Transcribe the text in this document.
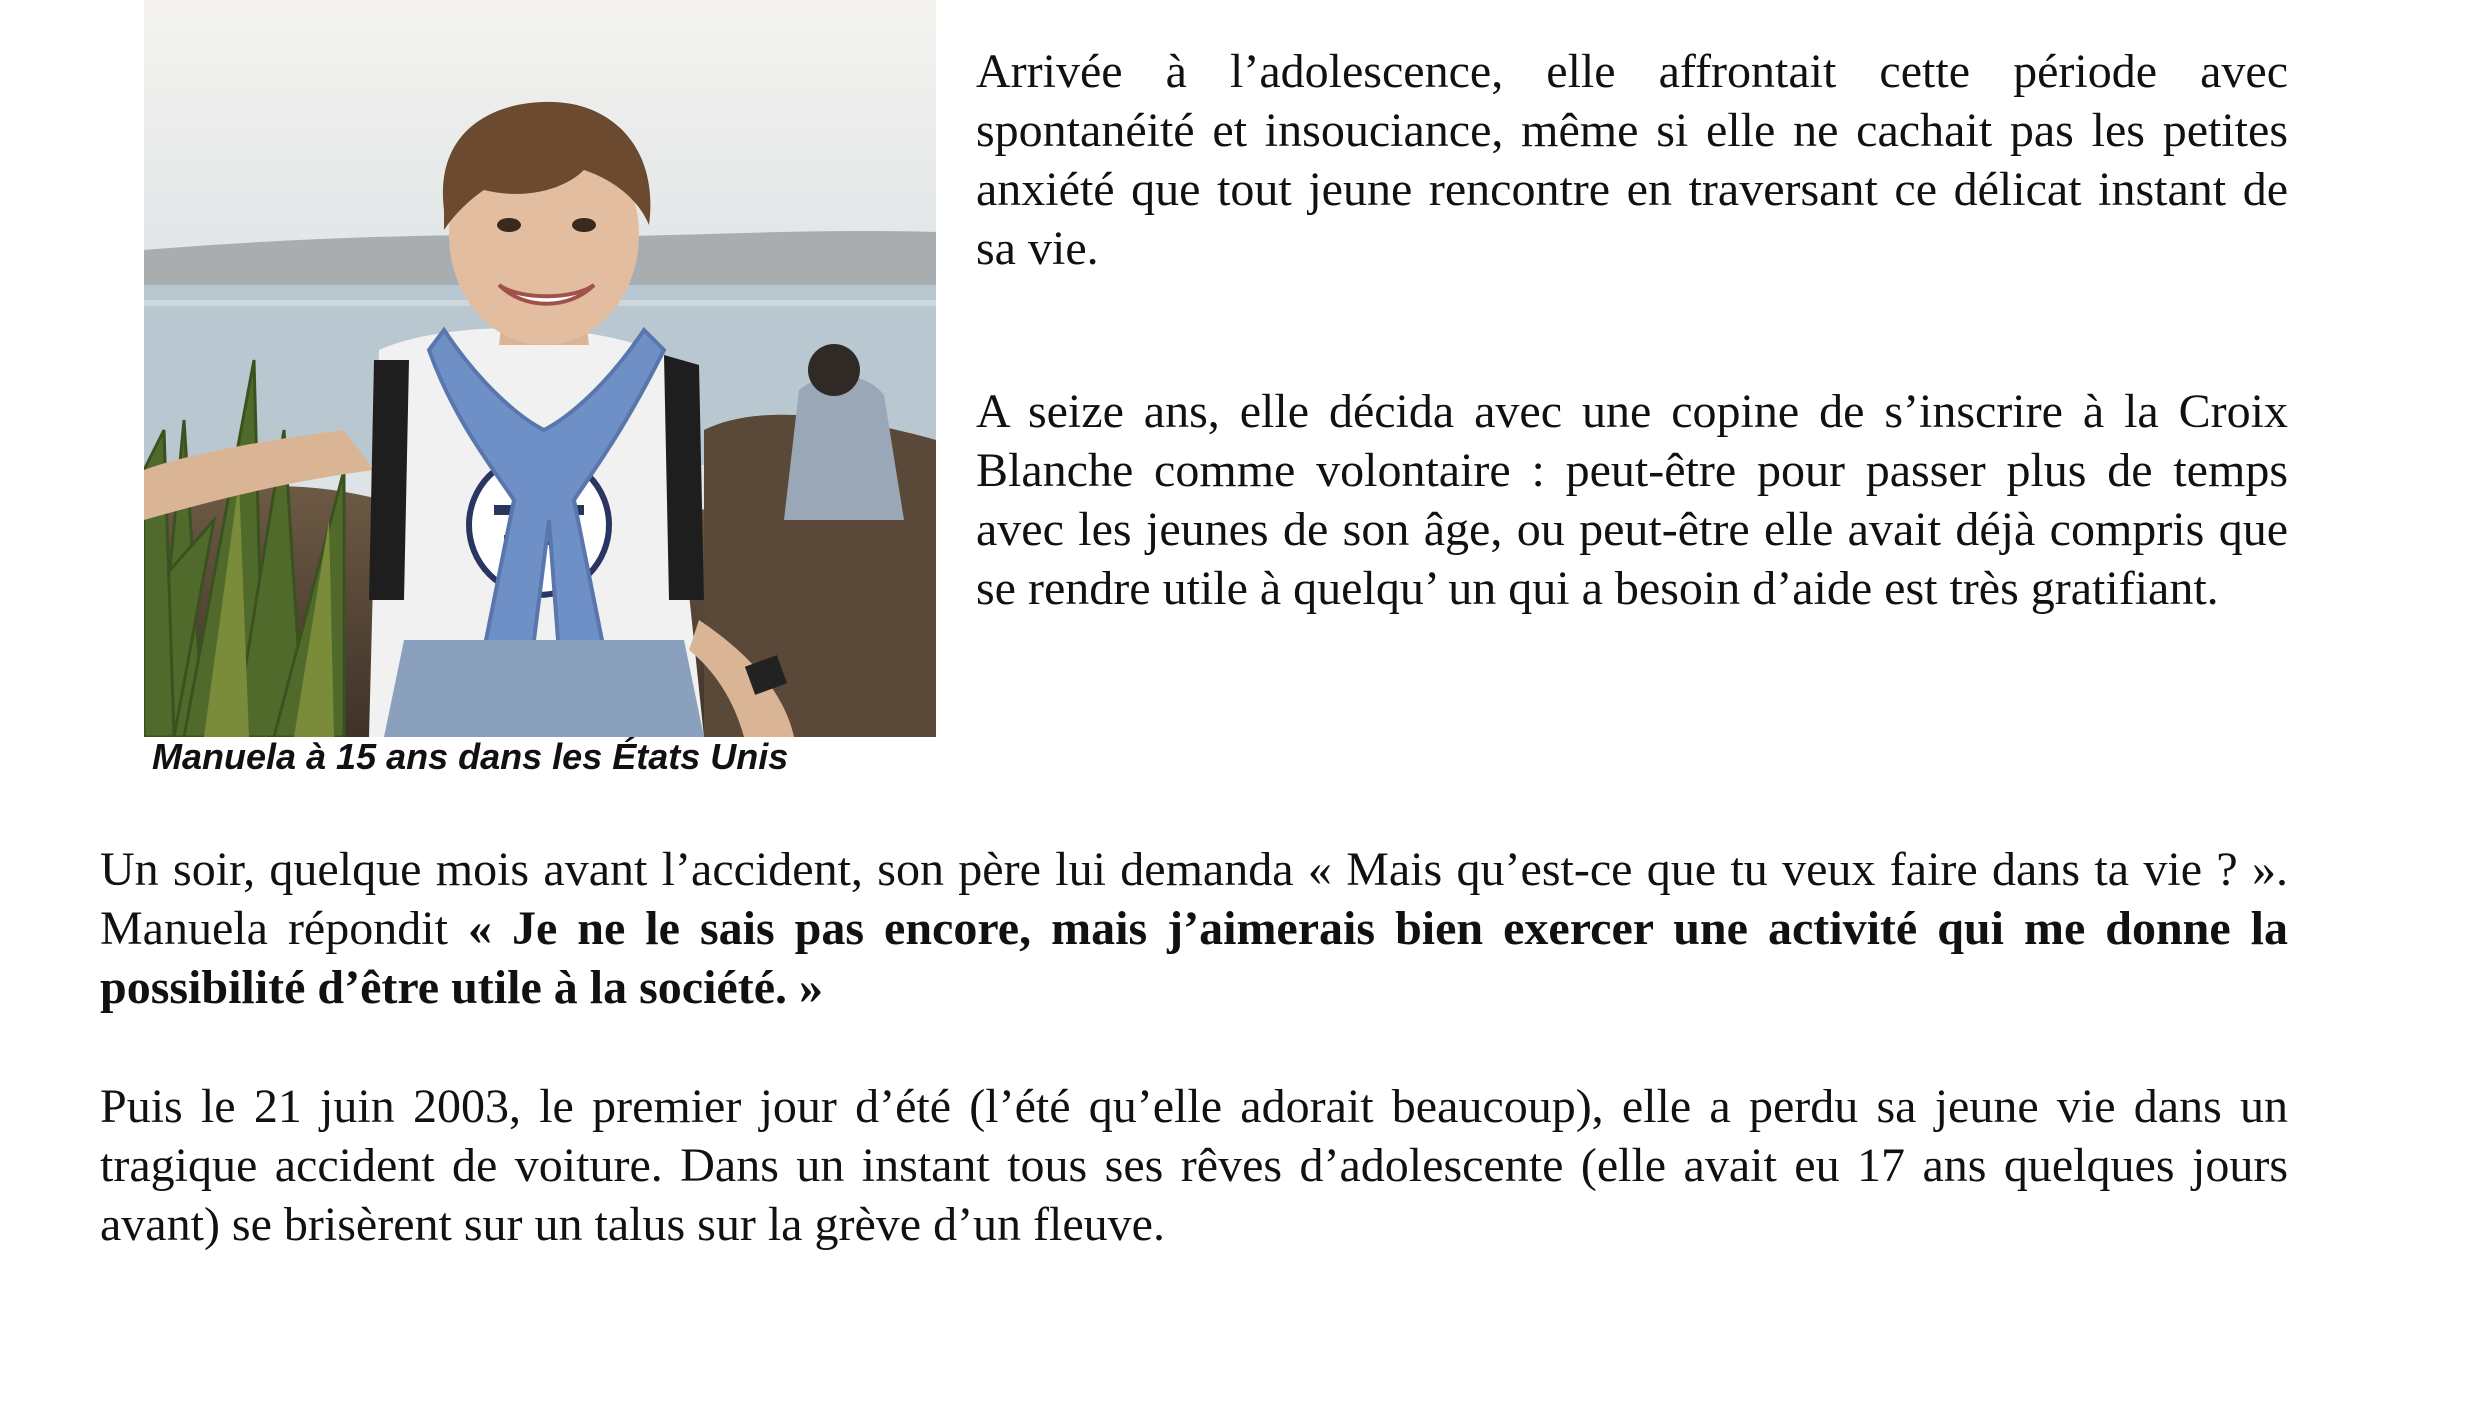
Manuela à 15 ans dans les États Unis

Arrivée à l’adolescence, elle affrontait cette période avec spontanéité et insouciance, même si elle ne cachait pas les petites anxiété que tout jeune rencontre en traversant ce délicat instant de sa vie.

A seize ans, elle décida avec une copine de s’inscrire à la Croix Blanche comme volontaire : peut-être pour passer plus de temps avec les jeunes de son âge, ou peut-être elle avait déjà compris que se rendre utile à quelqu’ un qui a besoin d’aide est très gratifiant.

Un soir, quelque mois avant l’accident, son père lui demanda « Mais qu’est-ce que tu veux faire dans ta vie ? ». Manuela répondit « Je ne le sais pas encore, mais j’aimerais bien exercer une activité qui me donne la possibilité d’être utile à la société. »

Puis le 21 juin 2003, le premier jour d’été (l’été qu’elle adorait beaucoup), elle a perdu sa jeune vie dans un tragique accident de voiture. Dans un instant tous ses rêves d’adolescente (elle avait eu 17 ans quelques jours avant) se brisèrent sur un talus sur la grève d’un fleuve.
